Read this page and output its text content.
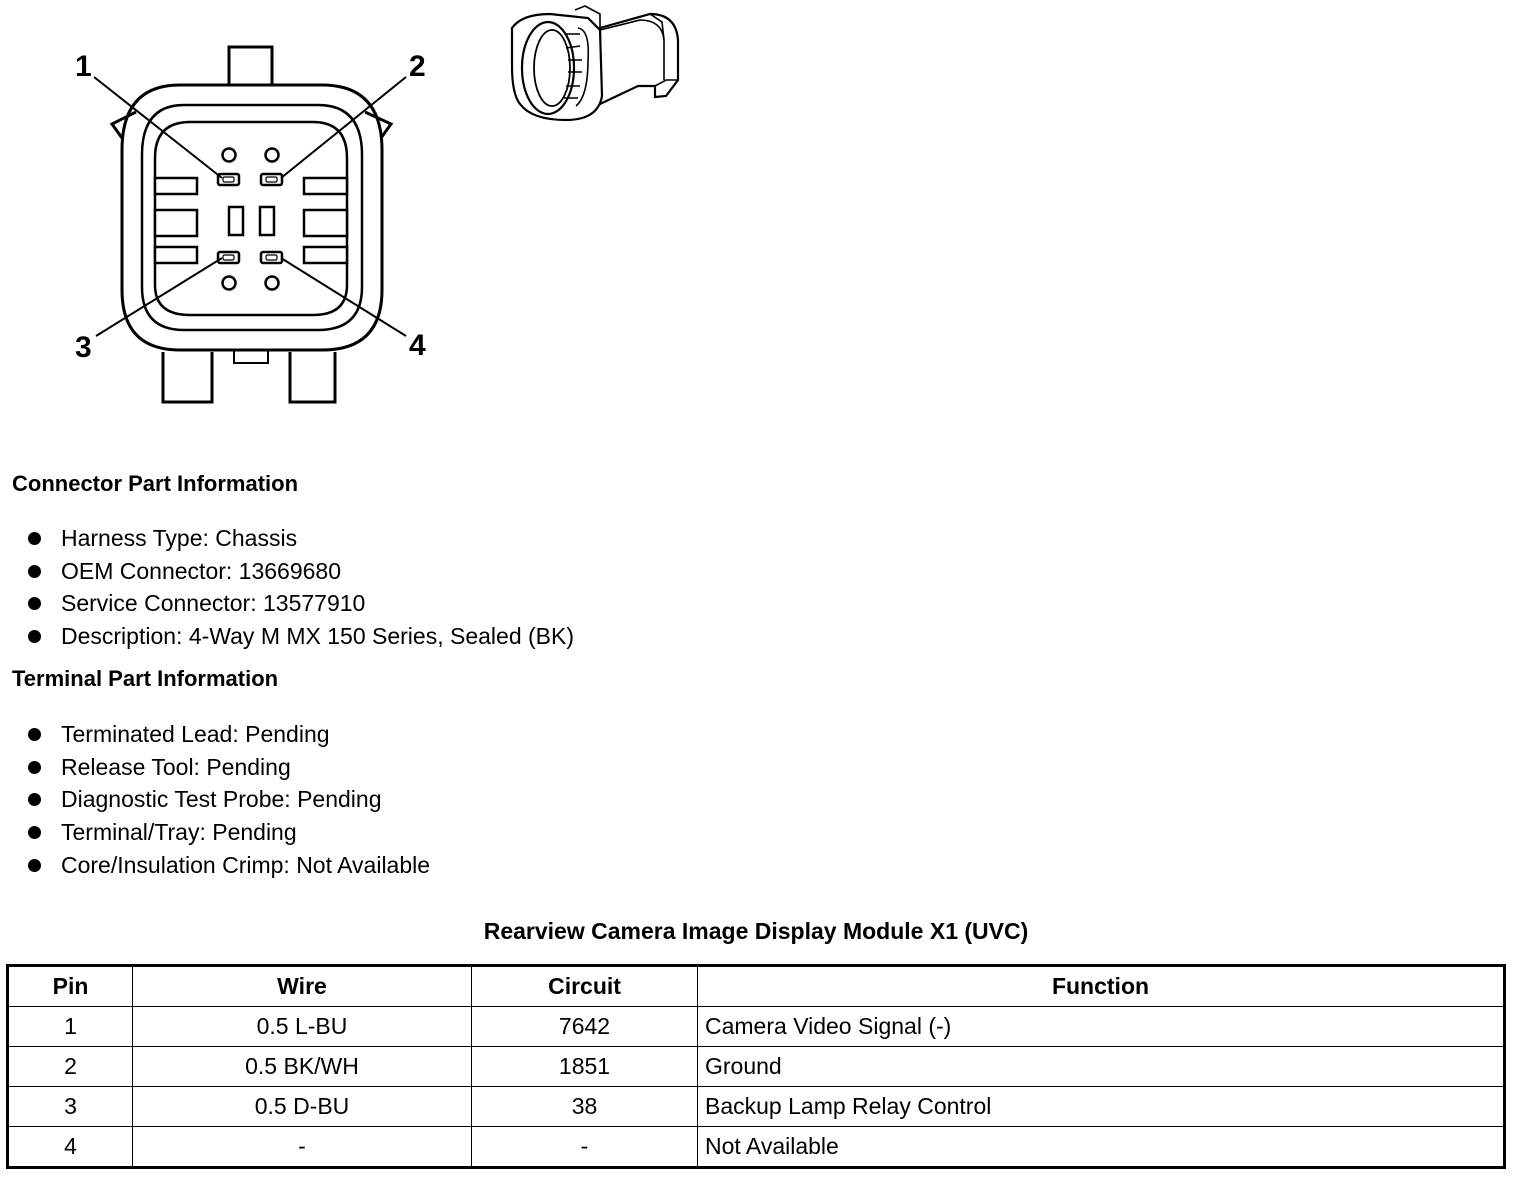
1	2
3	4
Connector Part Information
Harness Type: Chassis
OEM Connector: 13669680
Service Connector: 13577910
Description: 4-Way M MX 150 Series, Sealed (BK)
Terminal Part Information
Terminated Lead: Pending
Release Tool: Pending
Diagnostic Test Probe: Pending
Terminal/Tray: Pending
Core/Insulation Crimp: Not Available
Rearview Camera Image Display Module X1 (UVC)
Pin	Wire	Circuit	Function
1	0.5 L-BU	7642	Camera Video Signal (-)
2	0.5 BK/WH	1851	Ground
3	0.5 D-BU	38	Backup Lamp Relay Control
4	-	-	Not Available
